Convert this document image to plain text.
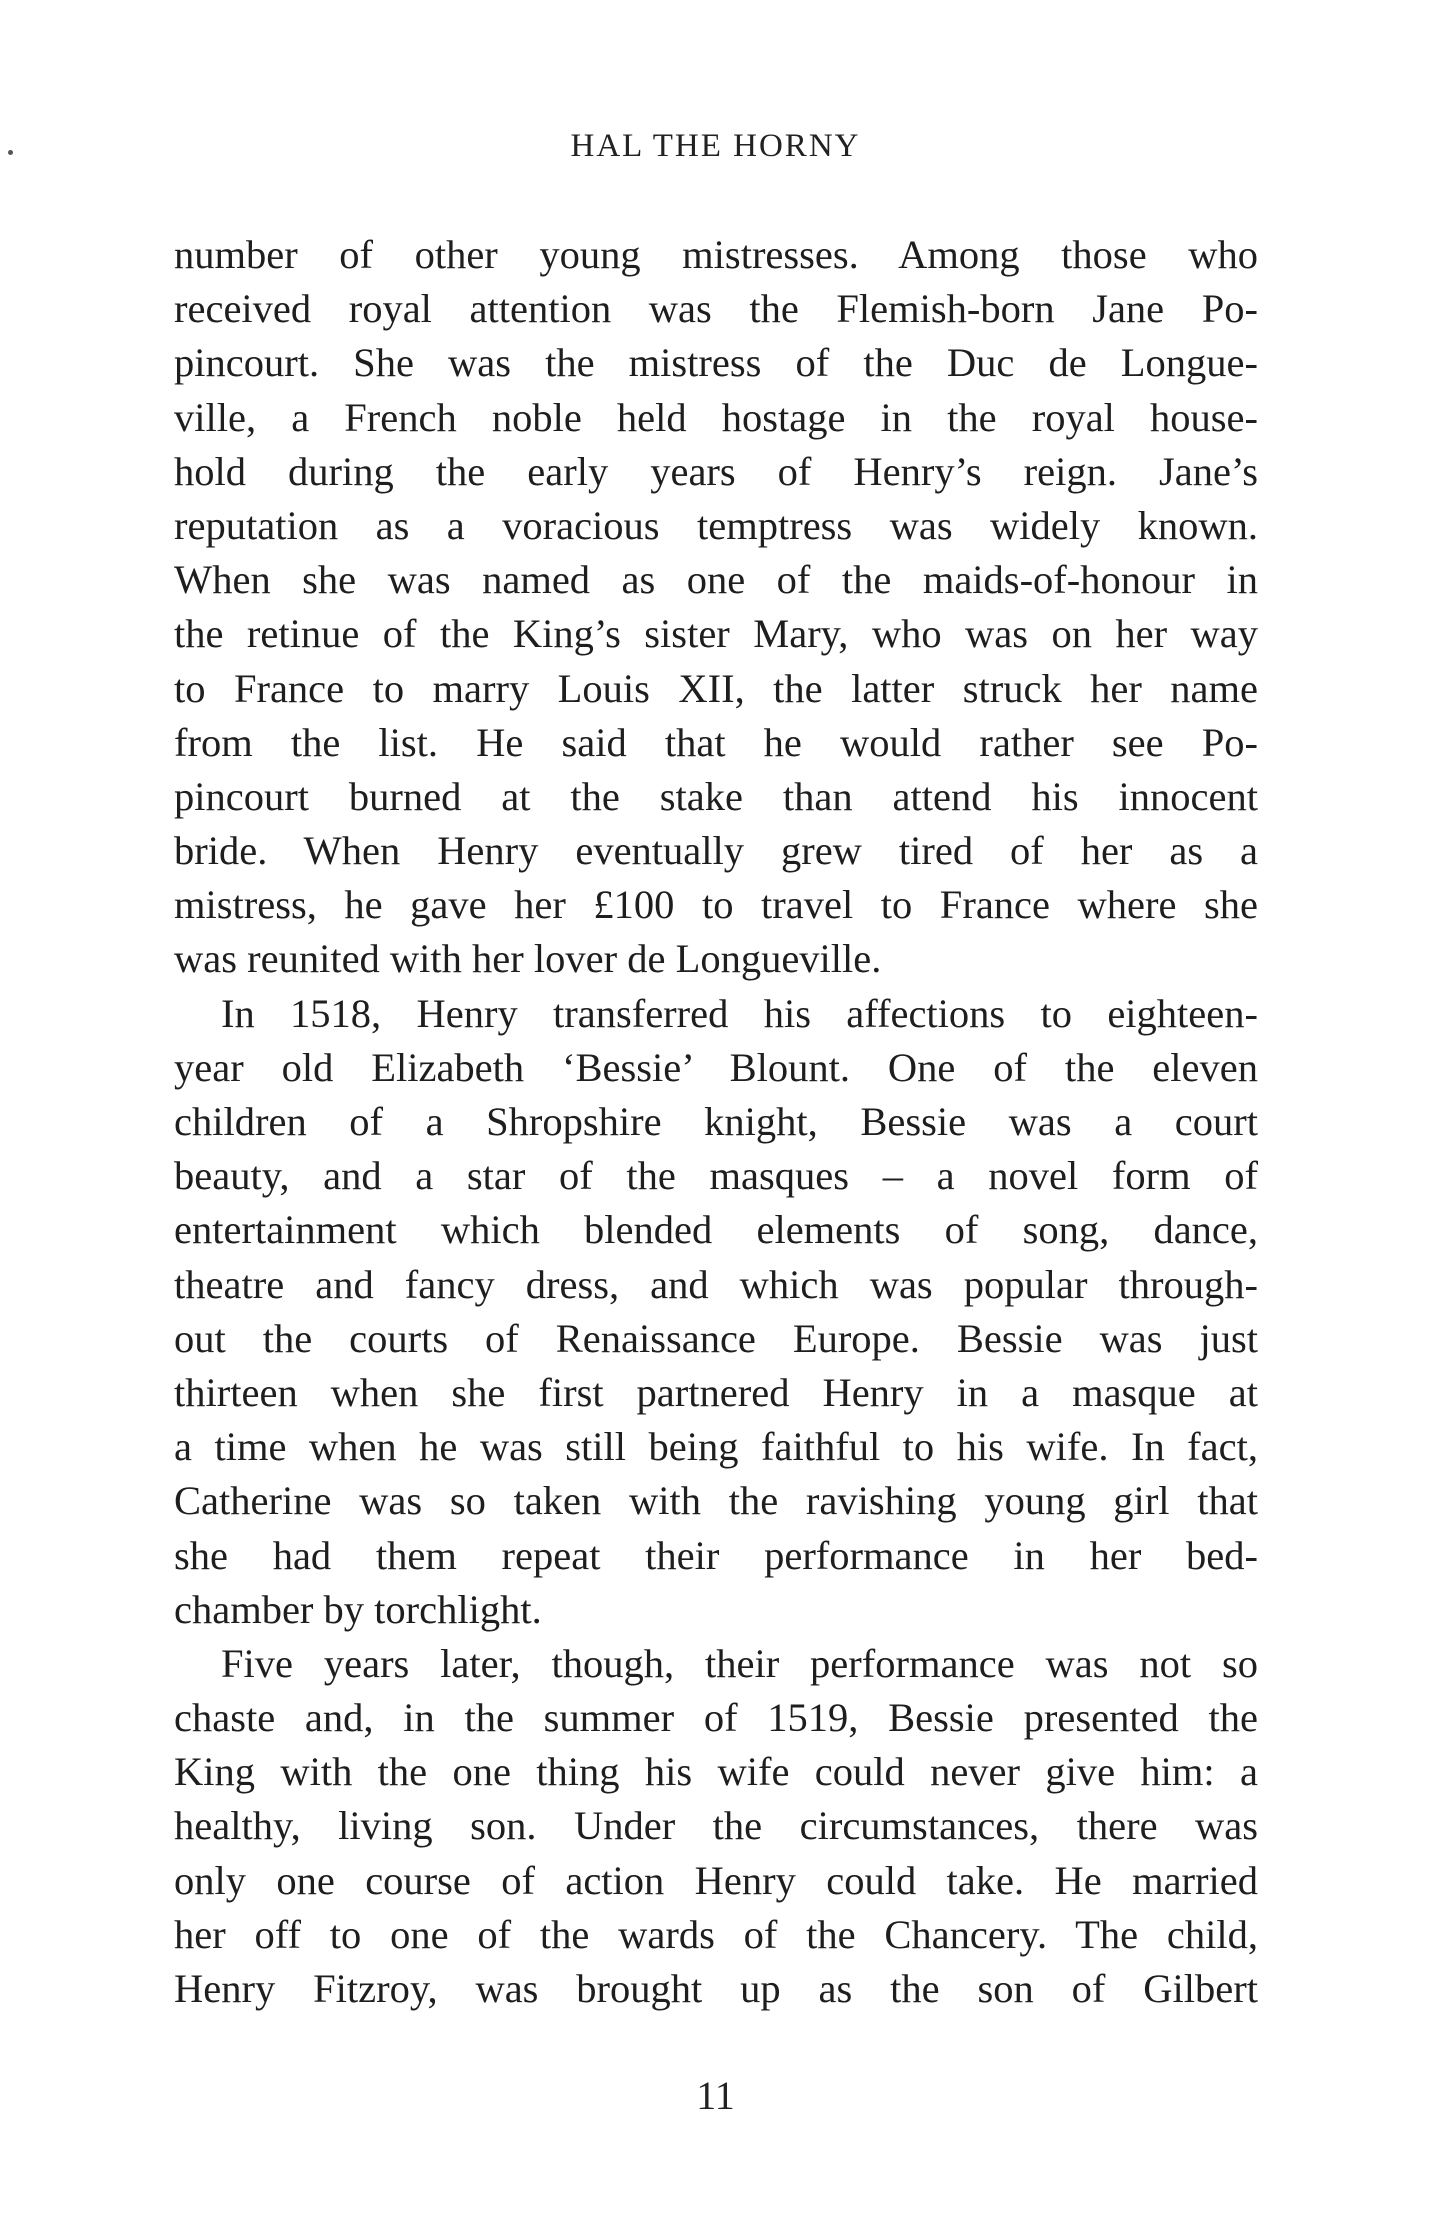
HAL THE HORNY
number of other young mistresses. Among those who
received royal attention was the Flemish-born Jane Po-
pincourt. She was the mistress of the Duc de Longue-
ville, a French noble held hostage in the royal house-
hold during the early years of Henry’s reign. Jane’s
reputation as a voracious temptress was widely known.
When she was named as one of the maids-of-honour in
the retinue of the King’s sister Mary, who was on her way
to France to marry Louis XII, the latter struck her name
from the list. He said that he would rather see Po-
pincourt burned at the stake than attend his innocent
bride. When Henry eventually grew tired of her as a
mistress, he gave her £100 to travel to France where she
was reunited with her lover de Longueville.
In 1518, Henry transferred his affections to eighteen-
year old Elizabeth ‘Bessie’ Blount. One of the eleven
children of a Shropshire knight, Bessie was a court
beauty, and a star of the masques – a novel form of
entertainment which blended elements of song, dance,
theatre and fancy dress, and which was popular through-
out the courts of Renaissance Europe. Bessie was just
thirteen when she first partnered Henry in a masque at
a time when he was still being faithful to his wife. In fact,
Catherine was so taken with the ravishing young girl that
she had them repeat their performance in her bed-
chamber by torchlight.
Five years later, though, their performance was not so
chaste and, in the summer of 1519, Bessie presented the
King with the one thing his wife could never give him: a
healthy, living son. Under the circumstances, there was
only one course of action Henry could take. He married
her off to one of the wards of the Chancery. The child,
Henry Fitzroy, was brought up as the son of Gilbert
11
